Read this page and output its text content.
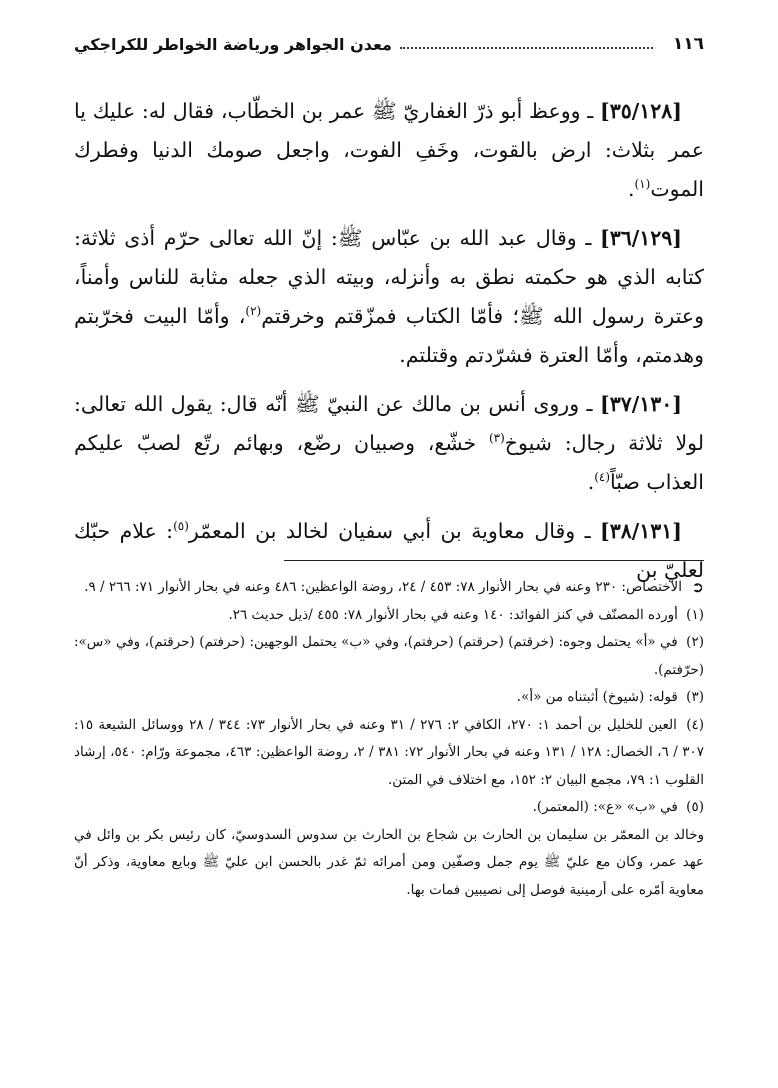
١١٦
معدن الجواهر ورياضة الخواطر للكراجكي

[٣٥/١٢٨] ـ ووعظ أبو ذرّ الغفاريّ ﷺ عمر بن الخطّاب، فقال له: عليك يا عمر بثلاث: ارض بالقوت، وخَفِ الفوت، واجعل صومك الدنيا وفطرك الموت$^{(١)}$.

[٣٦/١٢٩] ـ وقال عبد الله بن عبّاس ﷺ: إنّ الله تعالى حرّم أذى ثلاثة: كتابه الذي هو حكمته نطق به وأنزله، وبيته الذي جعله مثابة للناس وأمناً، وعترة رسول الله ﷺ؛ فأمّا الكتاب فمزّقتم وخرقتم$^{(٢)}$، وأمّا البيت فخرّبتم وهدمتم، وأمّا العترة فشرّدتم وقتلتم.

[٣٧/١٣٠] ـ وروى أنس بن مالك عن النبيّ ﷺ أنّه قال: يقول الله تعالى: لولا ثلاثة رجال: شيوخ$^{(٣)}$ خشّع، وصبيان رضّع، وبهائم رتّع لصبّ عليكم العذاب صبّاً$^{(٤)}$.

[٣٨/١٣١] ـ وقال معاوية بن أبي سفيان لخالد بن المعمّر$^{(٥)}$: علام حبّك لعليّ بن

➲
الاختصاص: ٢٣٠ وعنه في بحار الأنوار ٧٨: ٤٥٣ / ٢٤، روضة الواعظين: ٤٨٦ وعنه في بحار الأنوار ٧١: ٢٦٦ / ٩.
(١) أورده المصنّف في كنز الفوائد: ١٤٠ وعنه في بحار الأنوار ٧٨: ٤٥٥ /ذيل حديث ٢٦.
(٢) في «أ» يحتمل وجوه: (خرقتم) (حرقتم) (حرفتم)، وفي «ب» يحتمل الوجهين: (حرفتم) (حرقتم)، وفي «س»: (حرّفتم).
(٣) قوله: (شيوخ) أثبتناه من «أ».
(٤) العين للخليل بن أحمد ١: ٢٧٠، الكافي ٢: ٢٧٦ / ٣١ وعنه في بحار الأنوار ٧٣: ٣٤٤ / ٢٨ ووسائل الشيعة ١٥: ٣٠٧ / ٦، الخصال: ١٢٨ / ١٣١ وعنه في بحار الأنوار ٧٢: ٣٨١ / ٢، روضة الواعظين: ٤٦٣، مجموعة ورّام: ٥٤٠، إرشاد القلوب ١: ٧٩، مجمع البيان ٢: ١٥٢، مع اختلاف في المتن.
(٥) في «ب» «ع»: (المعتمر).
وخالد بن المعمّر بن سليمان بن الحارث بن شجاع بن الحارث بن سدوس السدوسيّ، كان رئيس بكر بن وائل في عهد عمر، وكان مع عليّ ﷺ يوم جمل وصفّين ومن أمرائه ثمّ غدر بالحسن ابن عليّ ﷺ وبايع معاوية، وذكر أنّ معاوية أمّره على أرمينية فوصل إلى نصيبين فمات بها.
